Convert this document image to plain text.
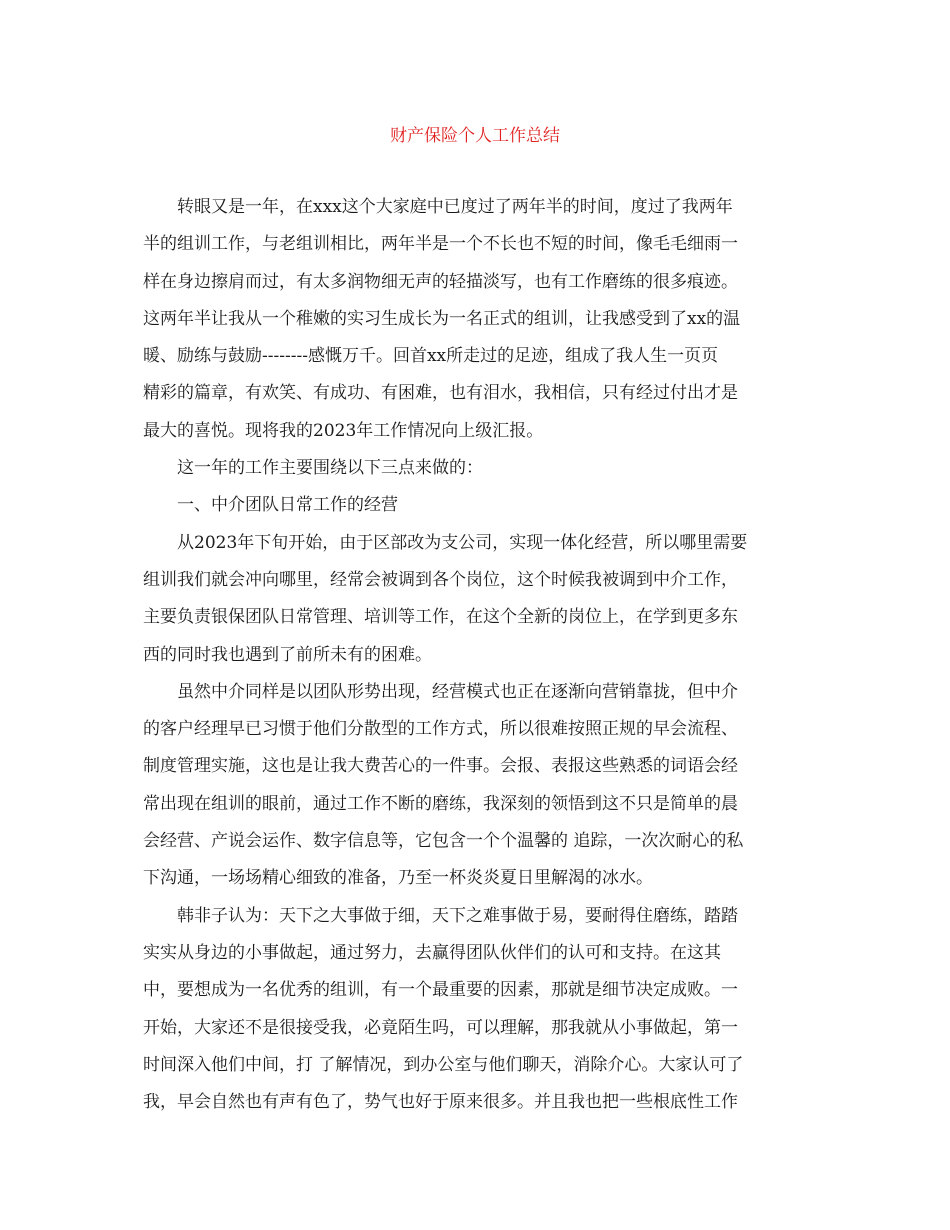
财产保险个人工作总结

转眼又是一年，在xxx这个大家庭中已度过了两年半的时间，度过了我两年

半的组训工作，与老组训相比，两年半是一个不长也不短的时间，像毛毛细雨一

样在身边擦肩而过，有太多润物细无声的轻描淡写，也有工作磨练的很多痕迹。

这两年半让我从一个稚嫩的实习生成长为一名正式的组训，让我感受到了xx的温

暖、励练与鼓励--------感慨万千。回首xx所走过的足迹，组成了我人生一页页

精彩的篇章，有欢笑、有成功、有困难，也有泪水，我相信，只有经过付出才是

最大的喜悦。现将我的2023年工作情况向上级汇报。

这一年的工作主要围绕以下三点来做的：

一、中介团队日常工作的经营

从2023年下旬开始，由于区部改为支公司，实现一体化经营，所以哪里需要

组训我们就会冲向哪里，经常会被调到各个岗位，这个时候我被调到中介工作，

主要负责银保团队日常管理、培训等工作，在这个全新的岗位上，在学到更多东

西的同时我也遇到了前所未有的困难。

虽然中介同样是以团队形势出现，经营模式也正在逐渐向营销靠拢，但中介

的客户经理早已习惯于他们分散型的工作方式，所以很难按照正规的早会流程、

制度管理实施，这也是让我大费苦心的一件事。会报、表报这些熟悉的词语会经

常出现在组训的眼前，通过工作不断的磨练，我深刻的领悟到这不只是简单的晨

会经营、产说会运作、数字信息等，它包含一个个温馨的 追踪，一次次耐心的私

下沟通，一场场精心细致的准备，乃至一杯炎炎夏日里解渴的冰水。

韩非子认为：天下之大事做于细，天下之难事做于易，要耐得住磨练，踏踏

实实从身边的小事做起，通过努力，去赢得团队伙伴们的认可和支持。在这其

中，要想成为一名优秀的组训，有一个最重要的因素，那就是细节决定成败。一

开始，大家还不是很接受我，必竟陌生吗，可以理解，那我就从小事做起，第一

时间深入他们中间，打 了解情况，到办公室与他们聊天，消除介心。大家认可了

我，早会自然也有声有色了，势气也好于原来很多。并且我也把一些根底性工作
